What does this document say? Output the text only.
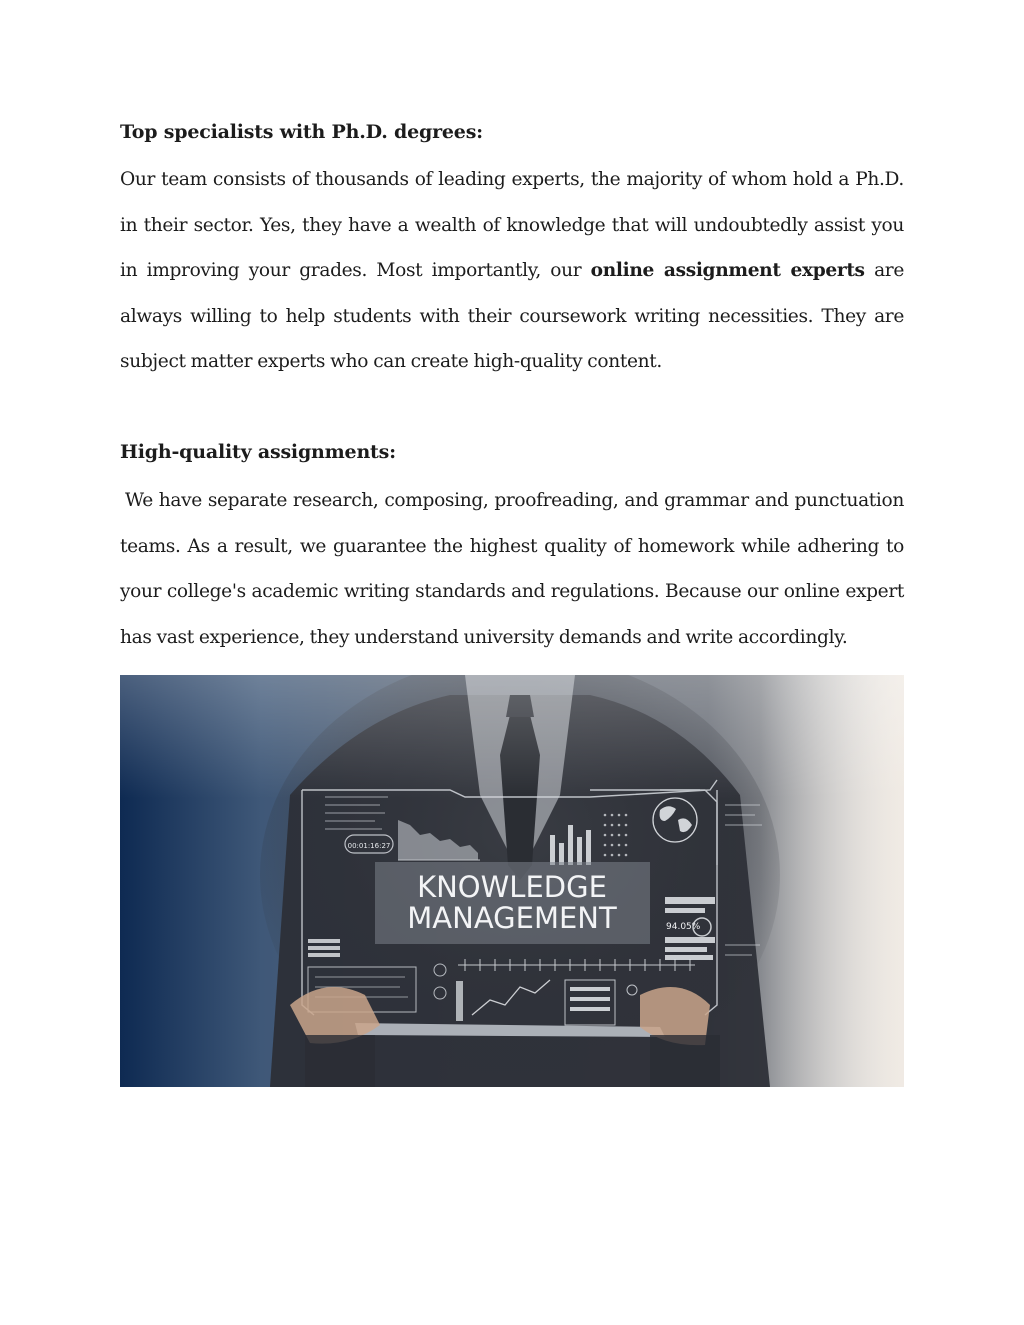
Top specialists with Ph.D. degrees:

Our team consists of thousands of leading experts, the majority of whom hold a Ph.D. in their sector. Yes, they have a wealth of knowledge that will undoubtedly assist you in improving your grades. Most importantly, our online assignment experts are always willing to help students with their coursework writing necessities. They are subject matter experts who can create high-quality content.

High-quality assignments:

We have separate research, composing, proofreading, and grammar and punctuation teams. As a result, we guarantee the highest quality of homework while adhering to your college's academic writing standards and regulations. Because our online expert has vast experience, they understand university demands and write accordingly.

00:01:16:27
KNOWLEDGE
MANAGEMENT	94.05%
